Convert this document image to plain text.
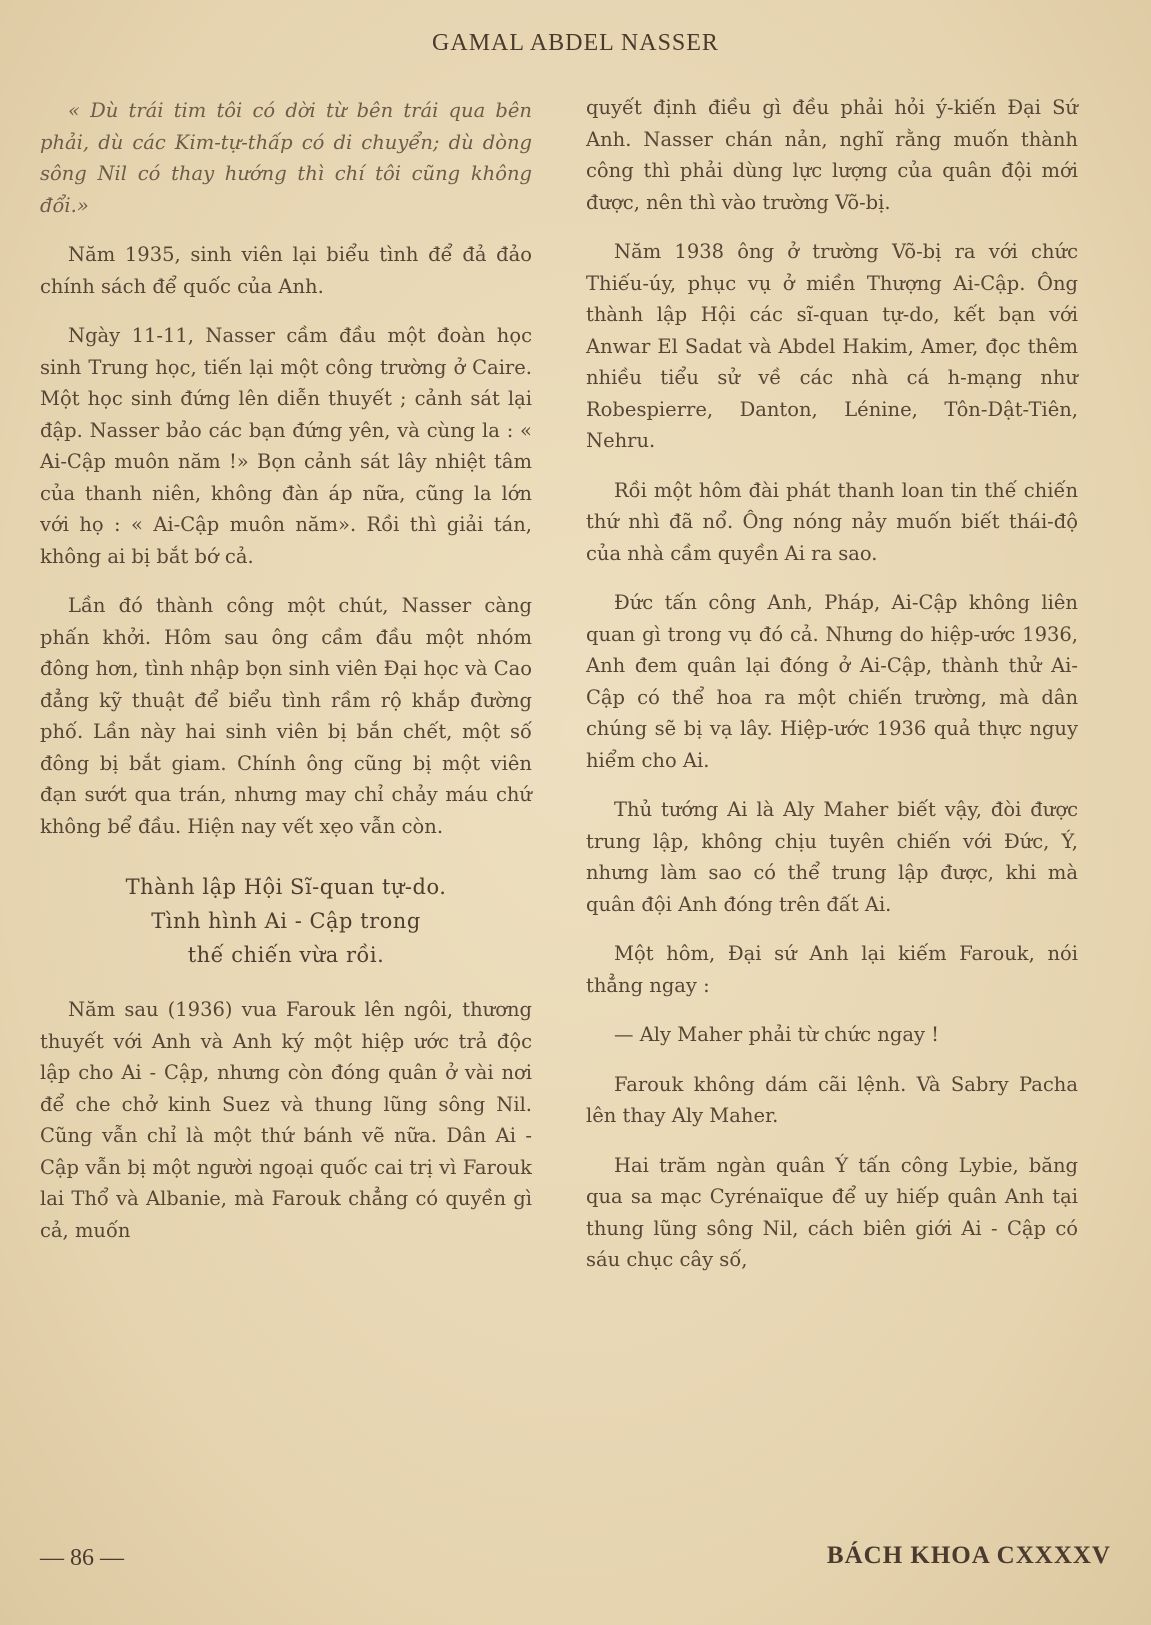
GAMAL ABDEL NASSER

« Dù trái tim tôi có dời từ bên trái qua bên phải, dù các Kim-tự-thấp có di chuyển; dù dòng sông Nil có thay hướng thì chí tôi cũng không đổi.»

Năm 1935, sinh viên lại biểu tình để đả đảo chính sách để quốc của Anh.

Ngày 11-11, Nasser cầm đầu một đoàn học sinh Trung học, tiến lại một công trường ở Caire. Một học sinh đứng lên diễn thuyết ; cảnh sát lại đập. Nasser bảo các bạn đứng yên, và cùng la : « Ai-Cập muôn năm !» Bọn cảnh sát lây nhiệt tâm của thanh niên, không đàn áp nữa, cũng la lớn với họ : « Ai-Cập muôn năm». Rồi thì giải tán, không ai bị bắt bớ cả.

Lần đó thành công một chút, Nasser càng phấn khởi. Hôm sau ông cầm đầu một nhóm đông hơn, tình nhập bọn sinh viên Đại học và Cao đẳng kỹ thuật để biểu tình rầm rộ khắp đường phố. Lần này hai sinh viên bị bắn chết, một số đông bị bắt giam. Chính ông cũng bị một viên đạn sướt qua trán, nhưng may chỉ chảy máu chứ không bể đầu. Hiện nay vết xẹo vẫn còn.

Thành lập Hội Sĩ-quan tự-do.
Tình hình Ai - Cập trong
thế chiến vừa rồi.

Năm sau (1936) vua Farouk lên ngôi, thương thuyết với Anh và Anh ký một hiệp ước trả độc lập cho Ai - Cập, nhưng còn đóng quân ở vài nơi để che chở kinh Suez và thung lũng sông Nil. Cũng vẫn chỉ là một thứ bánh vẽ nữa. Dân Ai - Cập vẫn bị một người ngoại quốc cai trị vì Farouk lai Thổ và Albanie, mà Farouk chẳng có quyền gì cả, muốn

quyết định điều gì đều phải hỏi ý-kiến Đại Sứ Anh. Nasser chán nản, nghĩ rằng muốn thành công thì phải dùng lực lượng của quân đội mới được, nên thì vào trường Võ-bị.

Năm 1938 ông ở trường Võ-bị ra với chức Thiếu-úy, phục vụ ở miền Thượng Ai-Cập. Ông thành lập Hội các sĩ-quan tự-do, kết bạn với Anwar El Sadat và Abdel Hakim, Amer, đọc thêm nhiều tiểu sử về các nhà cá h-mạng như Robespierre, Danton, Lénine, Tôn-Dật-Tiên, Nehru.

Rồi một hôm đài phát thanh loan tin thế chiến thứ nhì đã nổ. Ông nóng nảy muốn biết thái-độ của nhà cầm quyền Ai ra sao.

Đức tấn công Anh, Pháp, Ai-Cập không liên quan gì trong vụ đó cả. Nhưng do hiệp-ước 1936, Anh đem quân lại đóng ở Ai-Cập, thành thử Ai-Cập có thể hoa ra một chiến trường, mà dân chúng sẽ bị vạ lây. Hiệp-ước 1936 quả thực nguy hiểm cho Ai.

Thủ tướng Ai là Aly Maher biết vậy, đòi được trung lập, không chịu tuyên chiến với Đức, Ý, nhưng làm sao có thể trung lập được, khi mà quân đội Anh đóng trên đất Ai.

Một hôm, Đại sứ Anh lại kiếm Farouk, nói thẳng ngay :

— Aly Maher phải từ chức ngay !

Farouk không dám cãi lệnh. Và Sabry Pacha lên thay Aly Maher.

Hai trăm ngàn quân Ý tấn công Lybie, băng qua sa mạc Cyrénaïque để uy hiếp quân Anh tại thung lũng sông Nil, cách biên giới Ai - Cập có sáu chục cây số,

— 86 —	BÁCH KHOA CXXXXV
